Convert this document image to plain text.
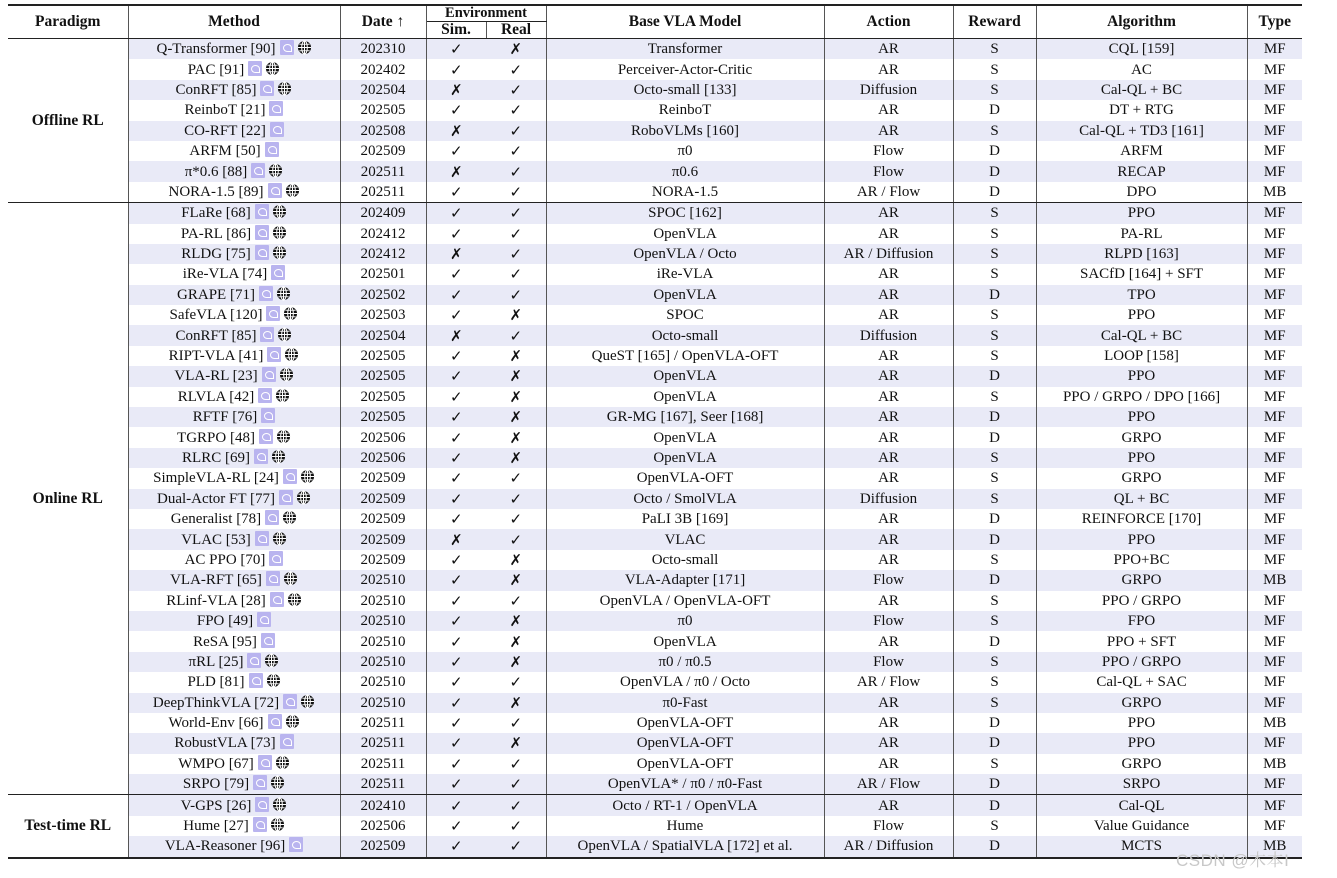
Paradigm	Method	Date ↑	Environment		Base VLA Model	Action	Reward	Algorithm	Type
			Sim.	Real					
Offline RL	Q-Transformer [90]	202310	✓	✗	Transformer	AR	S	CQL [159]	MF
	PAC [91]	202402	✓	✓	Perceiver-Actor-Critic	AR	S	AC	MF
	ConRFT [85]	202504	✗	✓	Octo-small [133]	Diffusion	S	Cal-QL + BC	MF
	ReinboT [21]	202505	✓	✓	ReinboT	AR	D	DT + RTG	MF
	CO-RFT [22]	202508	✗	✓	RoboVLMs [160]	AR	S	Cal-QL + TD3 [161]	MF
	ARFM [50]	202509	✓	✓	π0	Flow	D	ARFM	MF
	π*0.6 [88]	202511	✗	✓	π0.6	Flow	D	RECAP	MF
	NORA-1.5 [89]	202511	✓	✓	NORA-1.5	AR / Flow	D	DPO	MB
Online RL	FLaRe [68]	202409	✓	✓	SPOC [162]	AR	S	PPO	MF
	PA-RL [86]	202412	✓	✓	OpenVLA	AR	S	PA-RL	MF
	RLDG [75]	202412	✗	✓	OpenVLA / Octo	AR / Diffusion	S	RLPD [163]	MF
	iRe-VLA [74]	202501	✓	✓	iRe-VLA	AR	S	SACfD [164] + SFT	MF
	GRAPE [71]	202502	✓	✓	OpenVLA	AR	D	TPO	MF
	SafeVLA [120]	202503	✓	✗	SPOC	AR	S	PPO	MF
	ConRFT [85]	202504	✗	✓	Octo-small	Diffusion	S	Cal-QL + BC	MF
	RIPT-VLA [41]	202505	✓	✗	QueST [165] / OpenVLA-OFT	AR	S	LOOP [158]	MF
	VLA-RL [23]	202505	✓	✗	OpenVLA	AR	D	PPO	MF
	RLVLA [42]	202505	✓	✗	OpenVLA	AR	S	PPO / GRPO / DPO [166]	MF
	RFTF [76]	202505	✓	✗	GR-MG [167], Seer [168]	AR	D	PPO	MF
	TGRPO [48]	202506	✓	✗	OpenVLA	AR	D	GRPO	MF
	RLRC [69]	202506	✓	✗	OpenVLA	AR	S	PPO	MF
	SimpleVLA-RL [24]	202509	✓	✓	OpenVLA-OFT	AR	S	GRPO	MF
	Dual-Actor FT [77]	202509	✓	✓	Octo / SmolVLA	Diffusion	S	QL + BC	MF
	Generalist [78]	202509	✓	✓	PaLI 3B [169]	AR	D	REINFORCE [170]	MF
	VLAC [53]	202509	✗	✓	VLAC	AR	D	PPO	MF
	AC PPO [70]	202509	✓	✗	Octo-small	AR	S	PPO+BC	MF
	VLA-RFT [65]	202510	✓	✗	VLA-Adapter [171]	Flow	D	GRPO	MB
	RLinf-VLA [28]	202510	✓	✓	OpenVLA / OpenVLA-OFT	AR	S	PPO / GRPO	MF
	FPO [49]	202510	✓	✗	π0	Flow	S	FPO	MF
	ReSA [95]	202510	✓	✗	OpenVLA	AR	D	PPO + SFT	MF
	πRL [25]	202510	✓	✗	π0 / π0.5	Flow	S	PPO / GRPO	MF
	PLD [81]	202510	✓	✓	OpenVLA / π0 / Octo	AR / Flow	S	Cal-QL + SAC	MF
	DeepThinkVLA [72]	202510	✓	✗	π0-Fast	AR	S	GRPO	MF
	World-Env [66]	202511	✓	✓	OpenVLA-OFT	AR	D	PPO	MB
	RobustVLA [73]	202511	✓	✗	OpenVLA-OFT	AR	D	PPO	MF
	WMPO [67]	202511	✓	✓	OpenVLA-OFT	AR	S	GRPO	MB
	SRPO [79]	202511	✓	✓	OpenVLA* / π0 / π0-Fast	AR / Flow	D	SRPO	MF
Test-time RL	V-GPS [26]	202410	✓	✓	Octo / RT-1 / OpenVLA	AR	D	Cal-QL	MF
	Hume [27]	202506	✓	✓	Hume	Flow	S	Value Guidance	MF
	VLA-Reasoner [96]	202509	✓	✓	OpenVLA / SpatialVLA [172] et al.	AR / Diffusion	D	MCTS	MB
CSDN @木本I
